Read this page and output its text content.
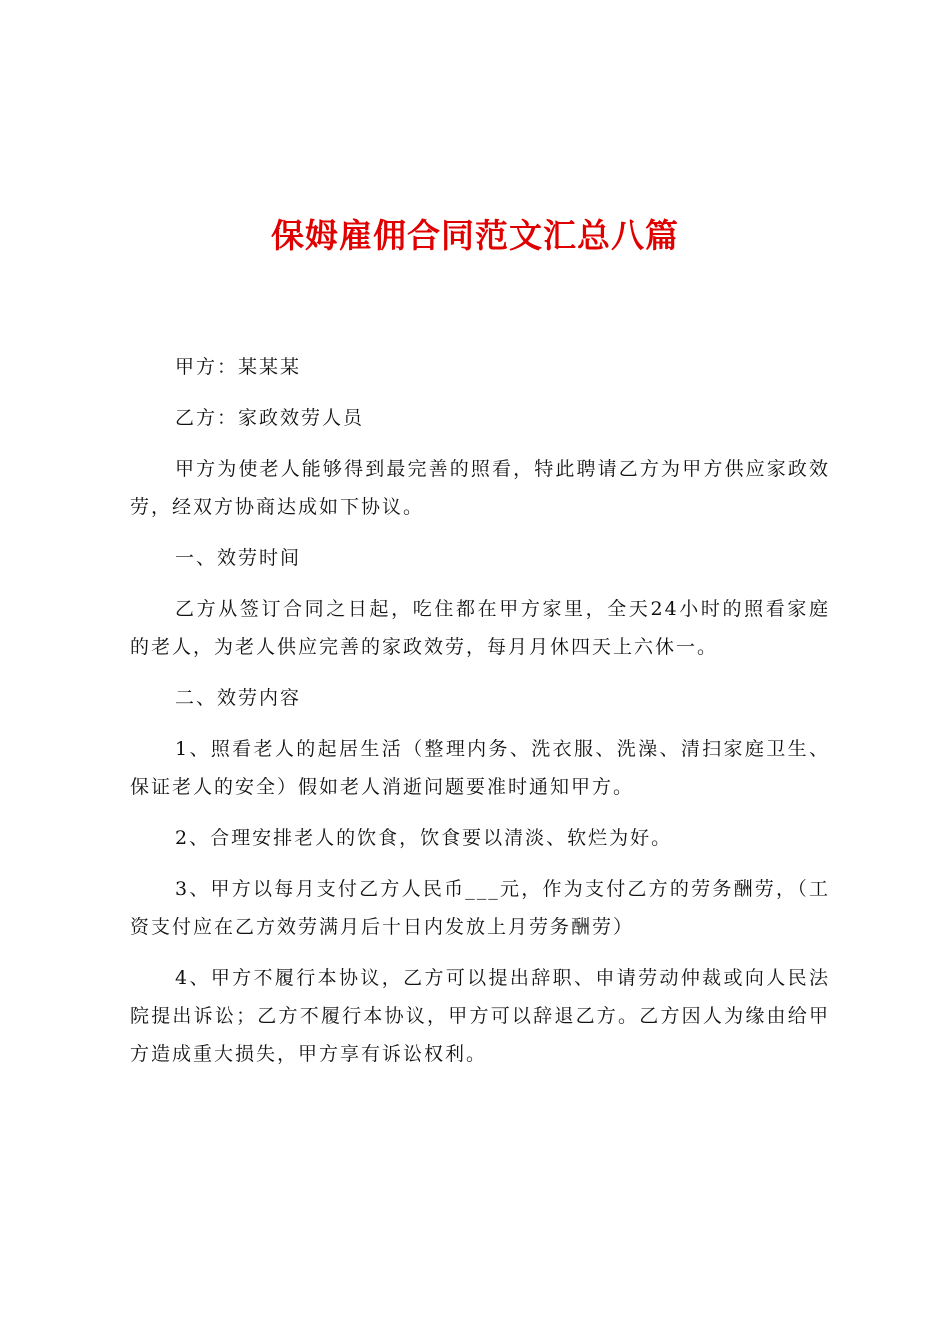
保姆雇佣合同范文汇总八篇

甲方：某某某

乙方：家政效劳人员

甲方为使老人能够得到最完善的照看，特此聘请乙方为甲方供应家政效劳，经双方协商达成如下协议。

一、效劳时间

乙方从签订合同之日起，吃住都在甲方家里，全天24小时的照看家庭的老人，为老人供应完善的家政效劳，每月月休四天上六休一。

二、效劳内容

1、照看老人的起居生活（整理内务、洗衣服、洗澡、清扫家庭卫生、保证老人的安全）假如老人消逝问题要准时通知甲方。

2、合理安排老人的饮食，饮食要以清淡、软烂为好。

3、甲方以每月支付乙方人民币___元，作为支付乙方的劳务酬劳，（工资支付应在乙方效劳满月后十日内发放上月劳务酬劳）

4、甲方不履行本协议，乙方可以提出辞职、申请劳动仲裁或向人民法院提出诉讼；乙方不履行本协议，甲方可以辞退乙方。乙方因人为缘由给甲方造成重大损失，甲方享有诉讼权利。
